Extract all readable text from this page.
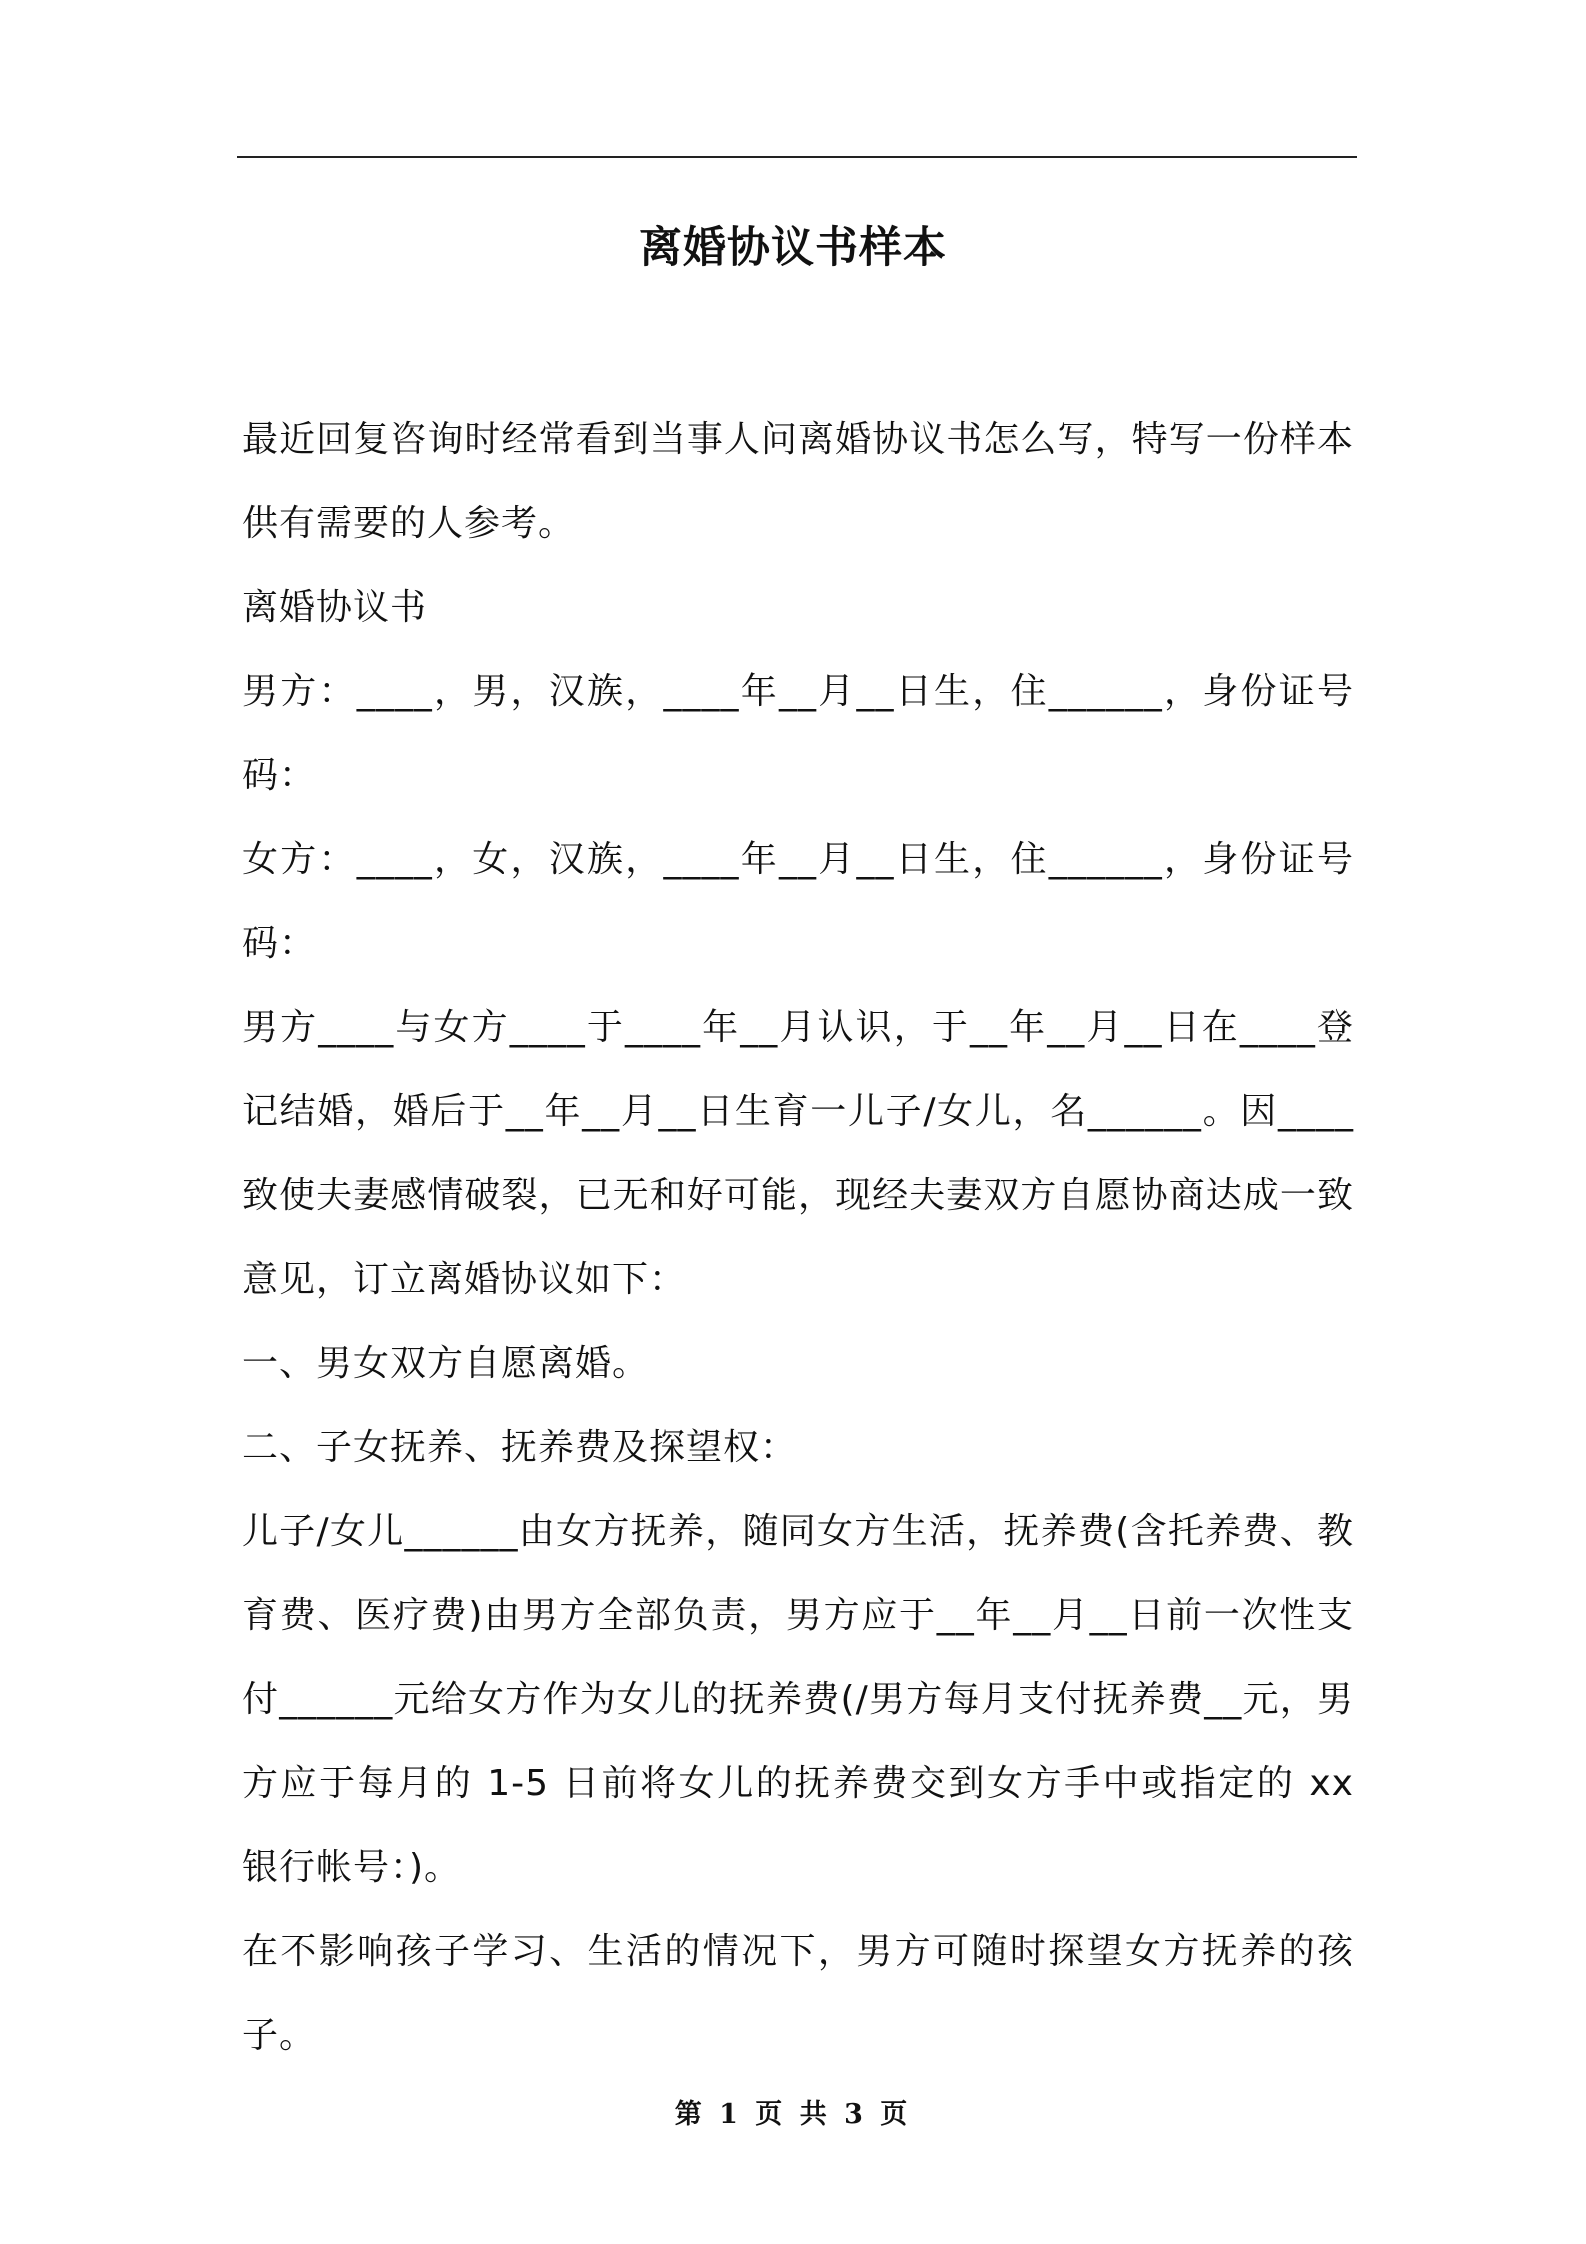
离婚协议书样本

最近回复咨询时经常看到当事人问离婚协议书怎么写，特写一份样本供有需要的人参考。

离婚协议书

男方：____，男，汉族，____年__月__日生，住______，身份证号码：

女方：____，女，汉族，____年__月__日生，住______，身份证号码：

男方____与女方____于____年__月认识，于__年__月__日在____登记结婚，婚后于__年__月__日生育一儿子/女儿，名______。因____致使夫妻感情破裂，已无和好可能，现经夫妻双方自愿协商达成一致意见，订立离婚协议如下：

一、男女双方自愿离婚。

二、子女抚养、抚养费及探望权：

儿子/女儿______由女方抚养，随同女方生活，抚养费(含托养费、教育费、医疗费)由男方全部负责，男方应于__年__月__日前一次性支付______元给女方作为女儿的抚养费(/男方每月支付抚养费__元，男方应于每月的 1-5 日前将女儿的抚养费交到女方手中或指定的 xx 银行帐号：)。

在不影响孩子学习、生活的情况下，男方可随时探望女方抚养的孩子。

第 1 页 共 3 页
